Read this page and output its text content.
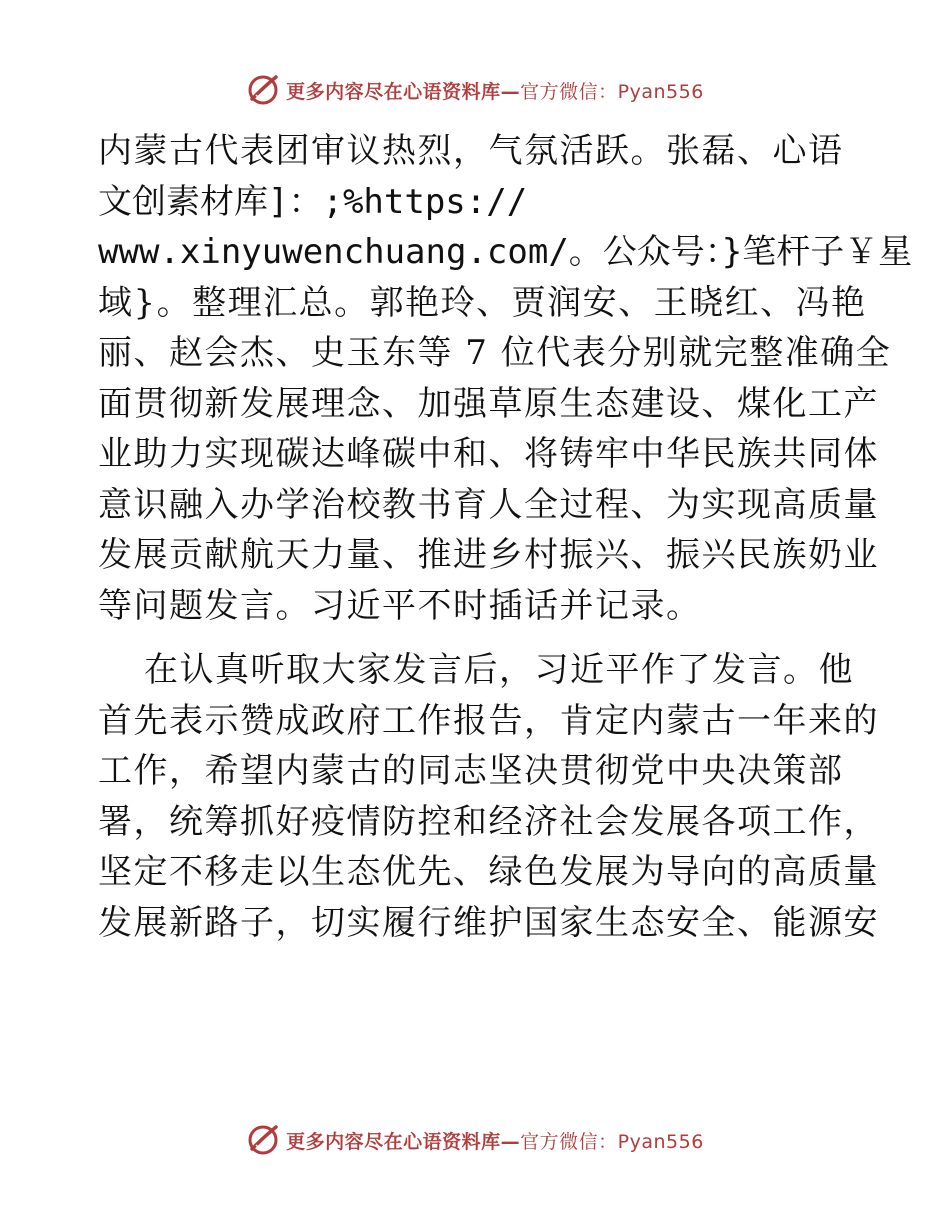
更多内容尽在心语资料库—官方微信：Pyan556
内蒙古代表团审议热烈，气氛活跃。张磊、心语
文创素材库]：;%https://
www.xinyuwenchuang.com/。公众号：}笔杆子￥星
域}。整理汇总。郭艳玲、贾润安、王晓红、冯艳
丽、赵会杰、史玉东等 7 位代表分别就完整准确全
面贯彻新发展理念、加强草原生态建设、煤化工产
业助力实现碳达峰碳中和、将铸牢中华民族共同体
意识融入办学治校教书育人全过程、为实现高质量
发展贡献航天力量、推进乡村振兴、振兴民族奶业
等问题发言。习近平不时插话并记录。
在认真听取大家发言后，习近平作了发言。他
首先表示赞成政府工作报告，肯定内蒙古一年来的
工作，希望内蒙古的同志坚决贯彻党中央决策部
署，统筹抓好疫情防控和经济社会发展各项工作，
坚定不移走以生态优先、绿色发展为导向的高质量
发展新路子，切实履行维护国家生态安全、能源安
更多内容尽在心语资料库—官方微信：Pyan556
